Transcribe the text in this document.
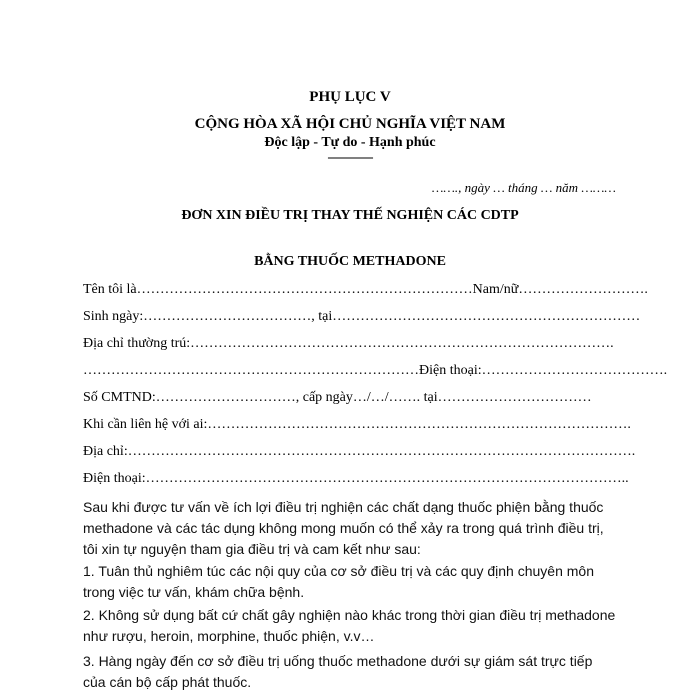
PHỤ LỤC V
CỘNG HÒA XÃ HỘI CHỦ NGHĨA VIỆT NAM
Độc lập - Tự do - Hạnh phúc
---------------
……., ngày … tháng … năm ………
ĐƠN XIN ĐIỀU TRỊ THAY THẾ NGHIỆN CÁC CDTP
BẰNG THUỐC METHADONE
Tên tôi là………………………………………………………………Nam/nữ……………………….
Sinh ngày:………………………………, tại…………………………………………………………
Địa chỉ thường trú:……………………………………………………………………………….
………………………………………………………………Điện thoại:………………………………….
Số CMTND:…………………………, cấp ngày…/…/……. tại……………………………
Khi cần liên hệ với ai:……………………………………………………………………………….
Địa chỉ:……………………………………………………………………………………………….
Điện thoại:…………………………………………………………………………………………..
Sau khi được tư vấn về ích lợi điều trị nghiện các chất dạng thuốc phiện bằng thuốc methadone và các tác dụng không mong muốn có thể xảy ra trong quá trình điều trị, tôi xin tự nguyện tham gia điều trị và cam kết như sau:
1. Tuân thủ nghiêm túc các nội quy của cơ sở điều trị và các quy định chuyên môn trong việc tư vấn, khám chữa bệnh.
2. Không sử dụng bất cứ chất gây nghiện nào khác trong thời gian điều trị methadone như rượu, heroin, morphine, thuốc phiện, v.v…
3. Hàng ngày đến cơ sở điều trị uống thuốc methadone dưới sự giám sát trực tiếp của cán bộ cấp phát thuốc.
